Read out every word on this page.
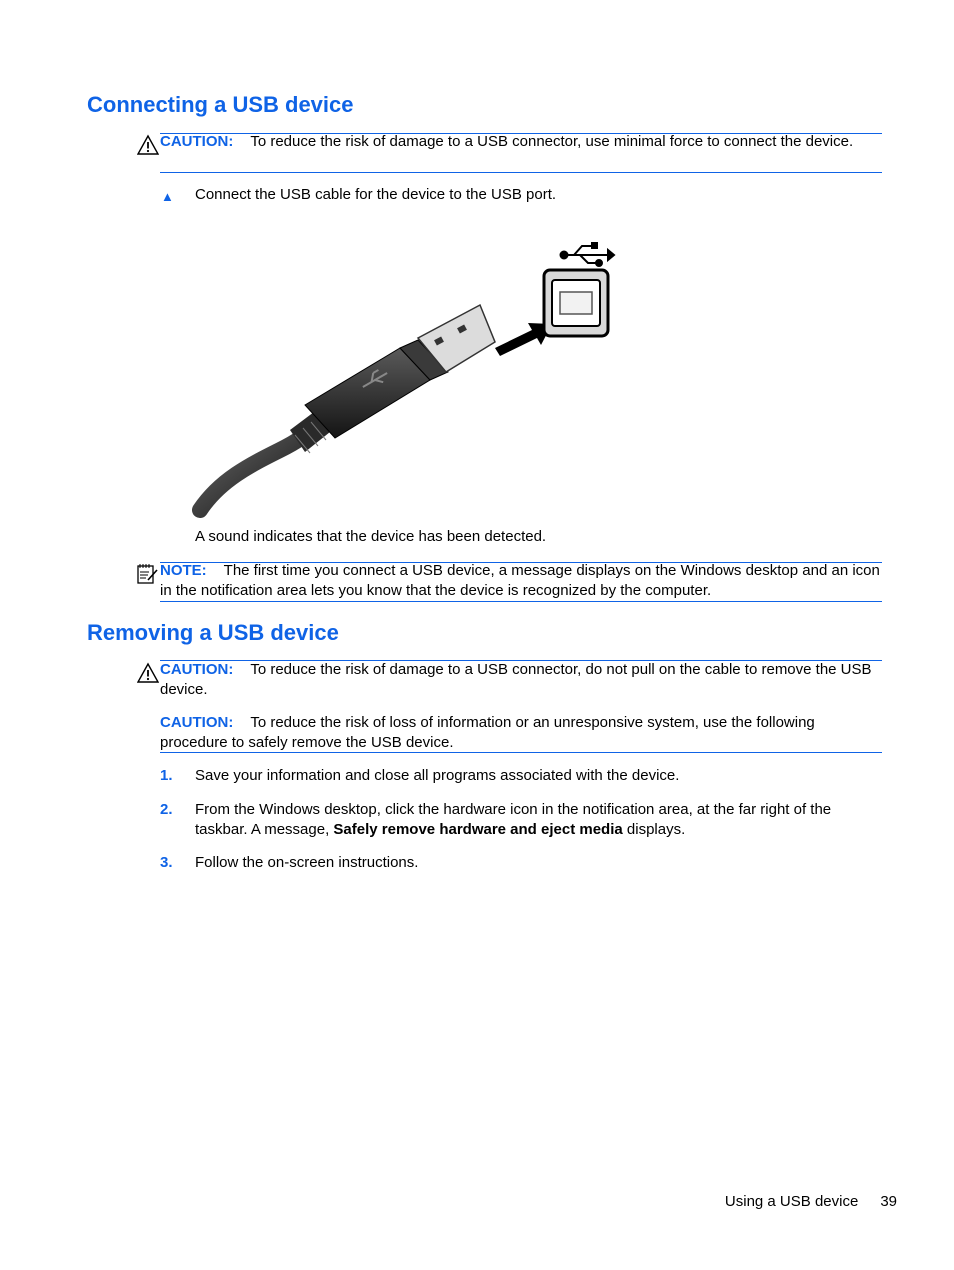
Connecting a USB device
CAUTION: To reduce the risk of damage to a USB connector, use minimal force to connect the device.
▲ Connect the USB cable for the device to the USB port.
A sound indicates that the device has been detected.
NOTE: The first time you connect a USB device, a message displays on the Windows desktop and an icon in the notification area lets you know that the device is recognized by the computer.
Removing a USB device
CAUTION: To reduce the risk of damage to a USB connector, do not pull on the cable to remove the USB device.
CAUTION: To reduce the risk of loss of information or an unresponsive system, use the following procedure to safely remove the USB device.
1. Save your information and close all programs associated with the device.
2. From the Windows desktop, click the hardware icon in the notification area, at the far right of the taskbar. A message, Safely remove hardware and eject media displays.
3. Follow the on-screen instructions.
Using a USB device 39
